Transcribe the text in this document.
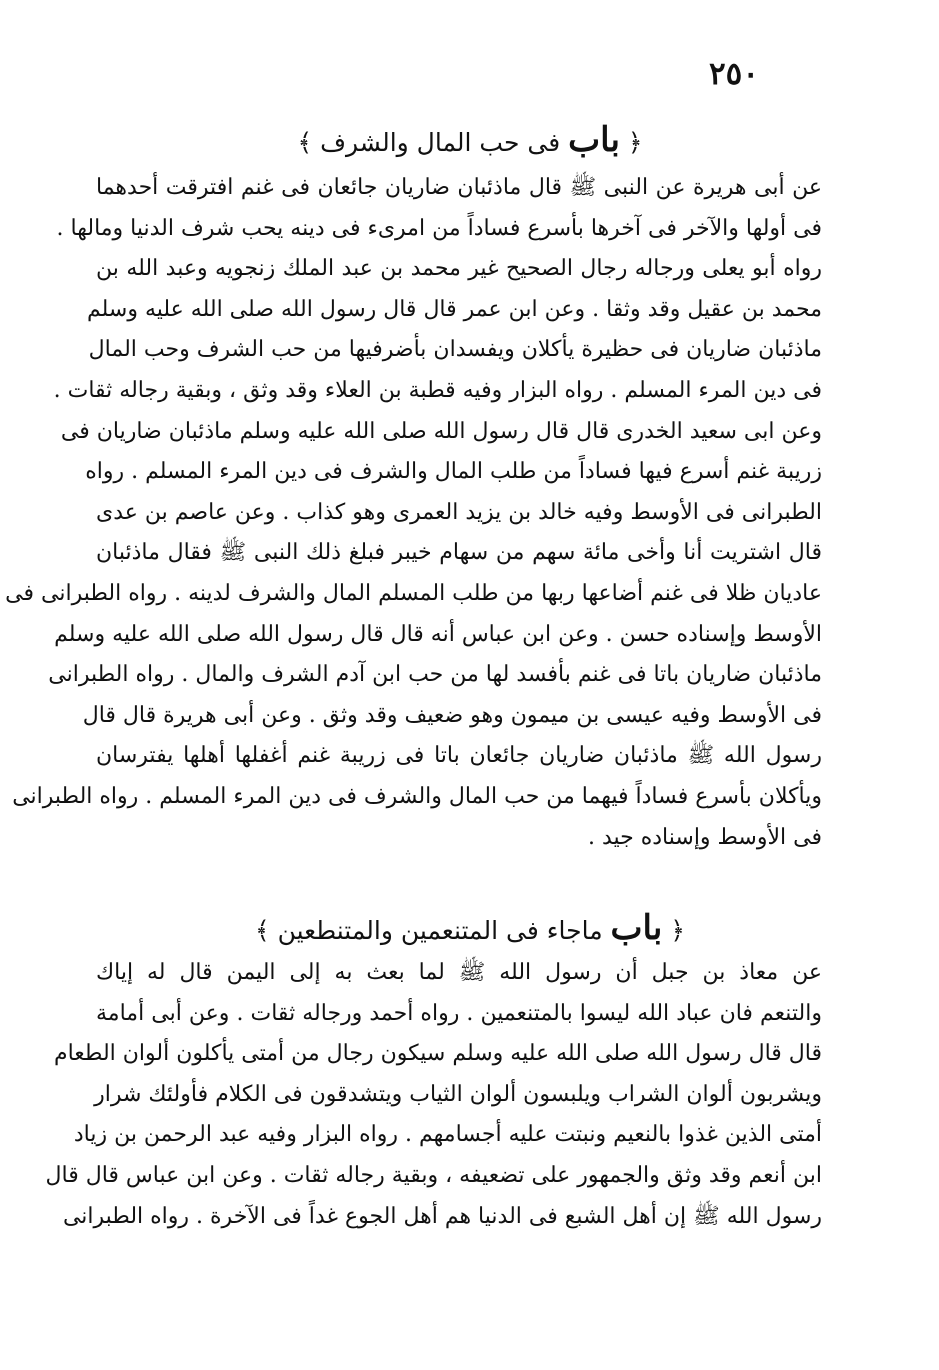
٢٥٠
﴿ باب فى حب المال والشرف ﴾
عن أبى هريرة عن النبى ﷺ قال ماذئبان ضاريان جائعان فى غنم افترقت أحدهما
فى أولها والآخر فى آخرها بأسرع فساداً من امرىء فى دينه يحب شرف الدنيا ومالها .
رواه أبو يعلى ورجاله رجال الصحيح غير محمد بن عبد الملك زنجويه وعبد الله بن
محمد بن عقيل وقد وثقا . وعن ابن عمر قال قال رسول الله صلى الله عليه وسلم
ماذئبان ضاريان فى حظيرة يأكلان ويفسدان بأضرفيها من حب الشرف وحب المال
فى دين المرء المسلم . رواه البزار وفيه قطبة بن العلاء وقد وثق ، وبقية رجاله ثقات .
وعن ابى سعيد الخدرى قال قال رسول الله صلى الله عليه وسلم ماذئبان ضاريان فى
زريبة غنم أسرع فيها فساداً من طلب المال والشرف فى دين المرء المسلم . رواه
الطبرانى فى الأوسط وفيه خالد بن يزيد العمرى وهو كذاب . وعن عاصم بن عدى
قال اشتريت أنا وأخى مائة سهم من سهام خيبر فبلغ ذلك النبى ﷺ فقال ماذئبان
عاديان ظلا فى غنم أضاعها ربها من طلب المسلم المال والشرف لدينه . رواه الطبرانى فى
الأوسط وإسناده حسن . وعن ابن عباس أنه قال قال رسول الله صلى الله عليه وسلم
ماذئبان ضاريان باتا فى غنم بأفسد لها من حب ابن آدم الشرف والمال . رواه الطبرانى
فى الأوسط وفيه عيسى بن ميمون وهو ضعيف وقد وثق . وعن أبى هريرة قال قال
رسول الله ﷺ ماذئبان ضاريان جائعان باتا فى زريبة غنم أغفلها أهلها يفترسان
ويأكلان بأسرع فساداً فيهما من حب المال والشرف فى دين المرء المسلم . رواه الطبرانى
فى الأوسط وإسناده جيد .
﴿ باب ماجاء فى المتنعمين والمتنطعين ﴾
عن معاذ بن جبل أن رسول الله ﷺ لما بعث به إلى اليمن قال له إياك
والتنعم فان عباد الله ليسوا بالمتنعمين . رواه أحمد ورجاله ثقات . وعن أبى أمامة
قال قال رسول الله صلى الله عليه وسلم سيكون رجال من أمتى يأكلون ألوان الطعام
ويشربون ألوان الشراب ويلبسون ألوان الثياب ويتشدقون فى الكلام فأولئك شرار
أمتى الذين غذوا بالنعيم ونبتت عليه أجسامهم . رواه البزار وفيه عبد الرحمن بن زياد
ابن أنعم وقد وثق والجمهور على تضعيفه ، وبقية رجاله ثقات . وعن ابن عباس قال قال
رسول الله ﷺ إن أهل الشبع فى الدنيا هم أهل الجوع غداً فى الآخرة . رواه الطبرانى
